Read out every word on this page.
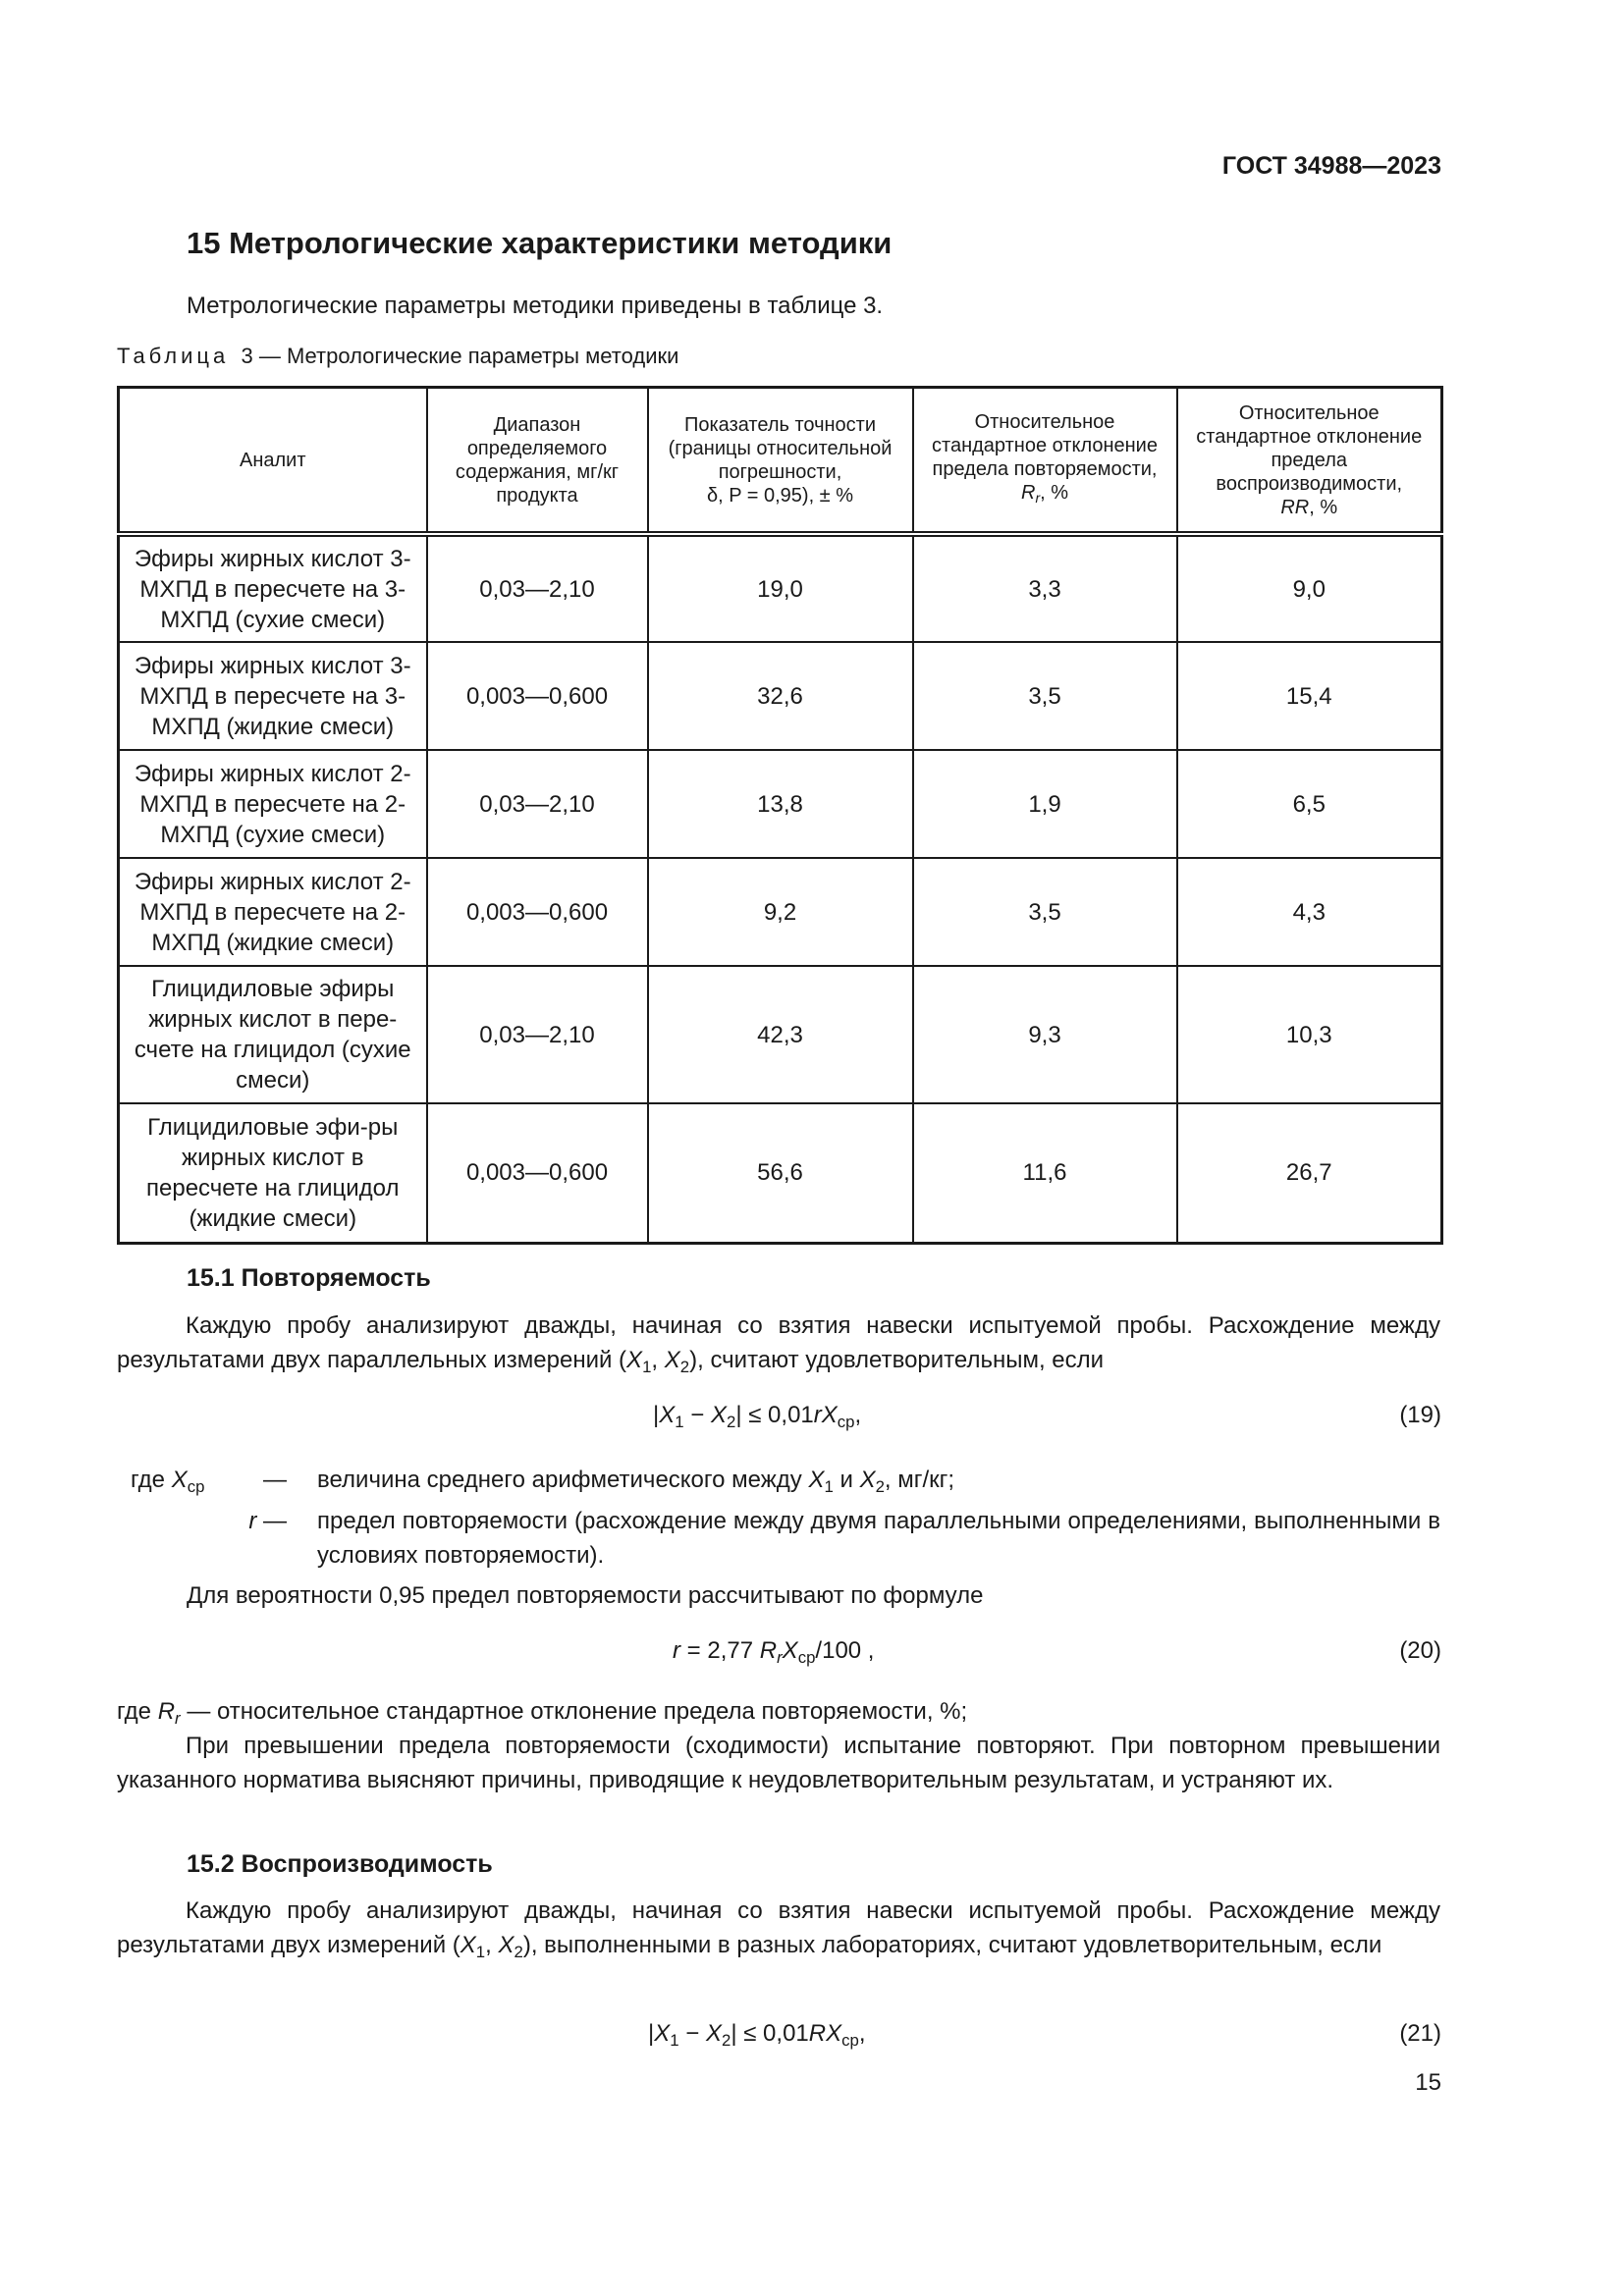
ГОСТ 34988—2023
15 Метрологические характеристики методики
Метрологические параметры методики приведены в таблице 3.
Таблица 3 — Метрологические параметры методики
Аналит	Диапазон определяемого содержания, мг/кг продукта	Показатель точности (границы относительной погрешности,
δ, P = 0,95), ± %	Относительное стандартное отклонение предела повторяемости, $R_r$, %	Относительное стандартное отклонение предела воспроизводимости,
RR, %
Эфиры жирных кислот 3-МХПД в пересчете на 3-МХПД (сухие смеси)	0,03—2,10	19,0	3,3	9,0
Эфиры жирных кислот 3-МХПД в пересчете на 3-МХПД (жидкие смеси)	0,003—0,600	32,6	3,5	15,4
Эфиры жирных кислот 2-МХПД в пересчете на 2-МХПД (сухие смеси)	0,03—2,10	13,8	1,9	6,5
Эфиры жирных кислот 2-МХПД в пересчете на 2-МХПД (жидкие смеси)	0,003—0,600	9,2	3,5	4,3
Глицидиловые эфиры жирных кислот в пере-счете на глицидол (сухие смеси)	0,03—2,10	42,3	9,3	10,3
Глицидиловые эфи-ры жирных кислот в пересчете на глицидол (жидкие смеси)	0,003—0,600	56,6	11,6	26,7
15.1 Повторяемость
Каждую пробу анализируют дважды, начиная со взятия навески испытуемой пробы. Расхождение между результатами двух параллельных измерений ($X_1$, $X_2$), считают удовлетворительным, если
$|X_1 - X_2| \le 0,01rX_{ср}$,	(19)
где $X_{ср}$	—	величина среднего арифметического между $X_1$ и $X_2$, мг/кг;
r —	предел повторяемости (расхождение между двумя параллельными определениями, выполненными в условиях повторяемости).
Для вероятности 0,95 предел повторяемости рассчитывают по формуле
r = 2,77 $R_rX_{ср}/100$ ,	(20)
где $R_r$ — относительное стандартное отклонение предела повторяемости, %;
При превышении предела повторяемости (сходимости) испытание повторяют. При повторном превышении указанного норматива выясняют причины, приводящие к неудовлетворительным результатам, и устраняют их.
15.2 Воспроизводимость
Каждую пробу анализируют дважды, начиная со взятия навески испытуемой пробы. Расхождение между результатами двух измерений ($X_1$, $X_2$), выполненными в разных лабораториях, считают удовлетворительным, если
$|X_1 - X_2| \le 0,01RX_{ср}$,	(21)
15
